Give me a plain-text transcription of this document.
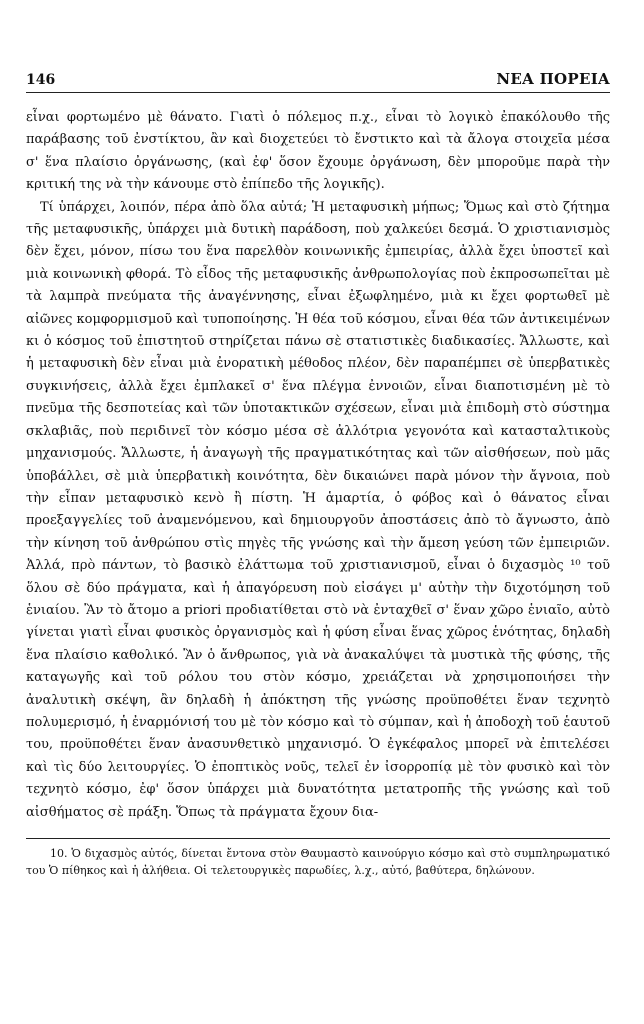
146	ΝΕΑ ΠΟΡΕΙΑ

εἶναι φορτωμένο μὲ θάνατο. Γιατὶ ὁ πόλεμος π.χ., εἶναι τὸ λογικὸ ἐπακόλουθο τῆς παράβασης τοῦ ἐνστίκτου, ἂν καὶ διοχετεύει τὸ ἔνστικτο καὶ τὰ ἄλογα στοιχεῖα μέσα σ' ἕνα πλαίσιο ὀργάνωσης, (καὶ ἐφ' ὅσον ἔχουμε ὀργάνωση, δὲν μποροῦμε παρὰ τὴν κριτική της νὰ τὴν κάνουμε στὸ ἐπίπεδο τῆς λογικῆς).

Τί ὑπάρχει, λοιπόν, πέρα ἀπὸ ὅλα αὐτά; Ἡ μεταφυσικὴ μήπως; Ὅμως καὶ στὸ ζήτημα τῆς μεταφυσικῆς, ὑπάρχει μιὰ δυτικὴ παράδοση, ποὺ χαλκεύει δεσμά. Ὁ χριστιανισμὸς δὲν ἔχει, μόνον, πίσω του ἕνα παρελθὸν κοινωνικῆς ἐμπειρίας, ἀλλὰ ἔχει ὑποστεῖ καὶ μιὰ κοινωνικὴ φθορά. Τὸ εἶδος τῆς μεταφυσικῆς ἀνθρωπολογίας ποὺ ἐκπροσωπεῖται μὲ τὰ λαμπρὰ πνεύματα τῆς ἀναγέννησης, εἶναι ἐξωφλημένο, μιὰ κι ἔχει φορτωθεῖ μὲ αἰῶνες κομφορμισμοῦ καὶ τυποποίησης. Ἡ θέα τοῦ κόσμου, εἶναι θέα τῶν ἀντικειμένων κι ὁ κόσμος τοῦ ἐπιστητοῦ στηρίζεται πάνω σὲ στατιστικὲς διαδικασίες. Ἄλλωστε, καὶ ἡ μεταφυσικὴ δὲν εἶναι μιὰ ἐνορατικὴ μέθοδος πλέον, δὲν παραπέμπει σὲ ὑπερβατικὲς συγκινήσεις, ἀλλὰ ἔχει ἐμπλακεῖ σ' ἕνα πλέγμα ἐννοιῶν, εἶναι διαποτισμένη μὲ τὸ πνεῦμα τῆς δεσποτείας καὶ τῶν ὑποτακτικῶν σχέσεων, εἶναι μιὰ ἐπιδομὴ στὸ σύστημα σκλαβιᾶς, ποὺ περιδινεῖ τὸν κόσμο μέσα σὲ ἀλλότρια γεγονότα καὶ κατασταλτικοὺς μηχανισμούς. Ἄλλωστε, ἡ ἀναγωγὴ τῆς πραγματικότητας καὶ τῶν αἰσθήσεων, ποὺ μᾶς ὑποβάλλει, σὲ μιὰ ὑπερβατικὴ κοινότητα, δὲν δικαιώνει παρὰ μόνον τὴν ἄγνοια, ποὺ τὴν εἶπαν μεταφυσικὸ κενὸ ἢ πίστη. Ἡ ἁμαρτία, ὁ φόβος καὶ ὁ θάνατος εἶναι προεξαγγελίες τοῦ ἀναμενόμενου, καὶ δημιουργοῦν ἀποστάσεις ἀπὸ τὸ ἄγνωστο, ἀπὸ τὴν κίνηση τοῦ ἀνθρώπου στὶς πηγὲς τῆς γνώσης καὶ τὴν ἄμεση γεύση τῶν ἐμπειριῶν. Ἀλλά, πρὸ πάντων, τὸ βασικὸ ἐλάττωμα τοῦ χριστιανισμοῦ, εἶναι ὁ διχασμὸς ¹⁰ τοῦ ὅλου σὲ δύο πράγματα, καὶ ἡ ἀπαγόρευση ποὺ εἰσάγει μ' αὐτὴν τὴν διχοτόμηση τοῦ ἑνιαίου. Ἂν τὸ ἄτομο a priori προδιατίθεται στὸ νὰ ἐνταχθεῖ σ' ἕναν χῶρο ἑνιαῖο, αὐτὸ γίνεται γιατὶ εἶναι φυσικὸς ὀργανισμὸς καὶ ἡ φύση εἶναι ἕνας χῶρος ἑνότητας, δηλαδὴ ἕνα πλαίσιο καθολικό. Ἂν ὁ ἄνθρωπος, γιὰ νὰ ἀνακαλύψει τὰ μυστικὰ τῆς φύσης, τῆς καταγωγῆς καὶ τοῦ ρόλου του στὸν κόσμο, χρειάζεται νὰ χρησιμοποιήσει τὴν ἀναλυτικὴ σκέψη, ἂν δηλαδὴ ἡ ἀπόκτηση τῆς γνώσης προϋποθέτει ἕναν τεχνητὸ πολυμερισμό, ἡ ἐναρμόνισή του μὲ τὸν κόσμο καὶ τὸ σύμπαν, καὶ ἡ ἀποδοχὴ τοῦ ἑαυτοῦ του, προϋποθέτει ἕναν ἀνασυνθετικὸ μηχανισμό. Ὁ ἐγκέφαλος μπορεῖ νὰ ἐπιτελέσει καὶ τὶς δύο λειτουργίες. Ὁ ἐποπτικὸς νοῦς, τελεῖ ἐν ἰσορροπίᾳ μὲ τὸν φυσικὸ καὶ τὸν τεχνητὸ κόσμο, ἐφ' ὅσον ὑπάρχει μιὰ δυνατότητα μετατροπῆς τῆς γνώσης καὶ τοῦ αἰσθήματος σὲ πράξη. Ὅπως τὰ πράγματα ἔχουν δια-

10. Ὁ διχασμὸς αὐτός, δίνεται ἔντονα στὸν Θαυμαστὸ καινούργιο κόσμο καὶ στὸ συμπληρωματικό του Ὁ πίθηκος καὶ ἡ ἀλήθεια. Οἱ τελετουργικὲς παρωδίες, λ.χ., αὐτό, βαθύτερα, δηλώνουν.
